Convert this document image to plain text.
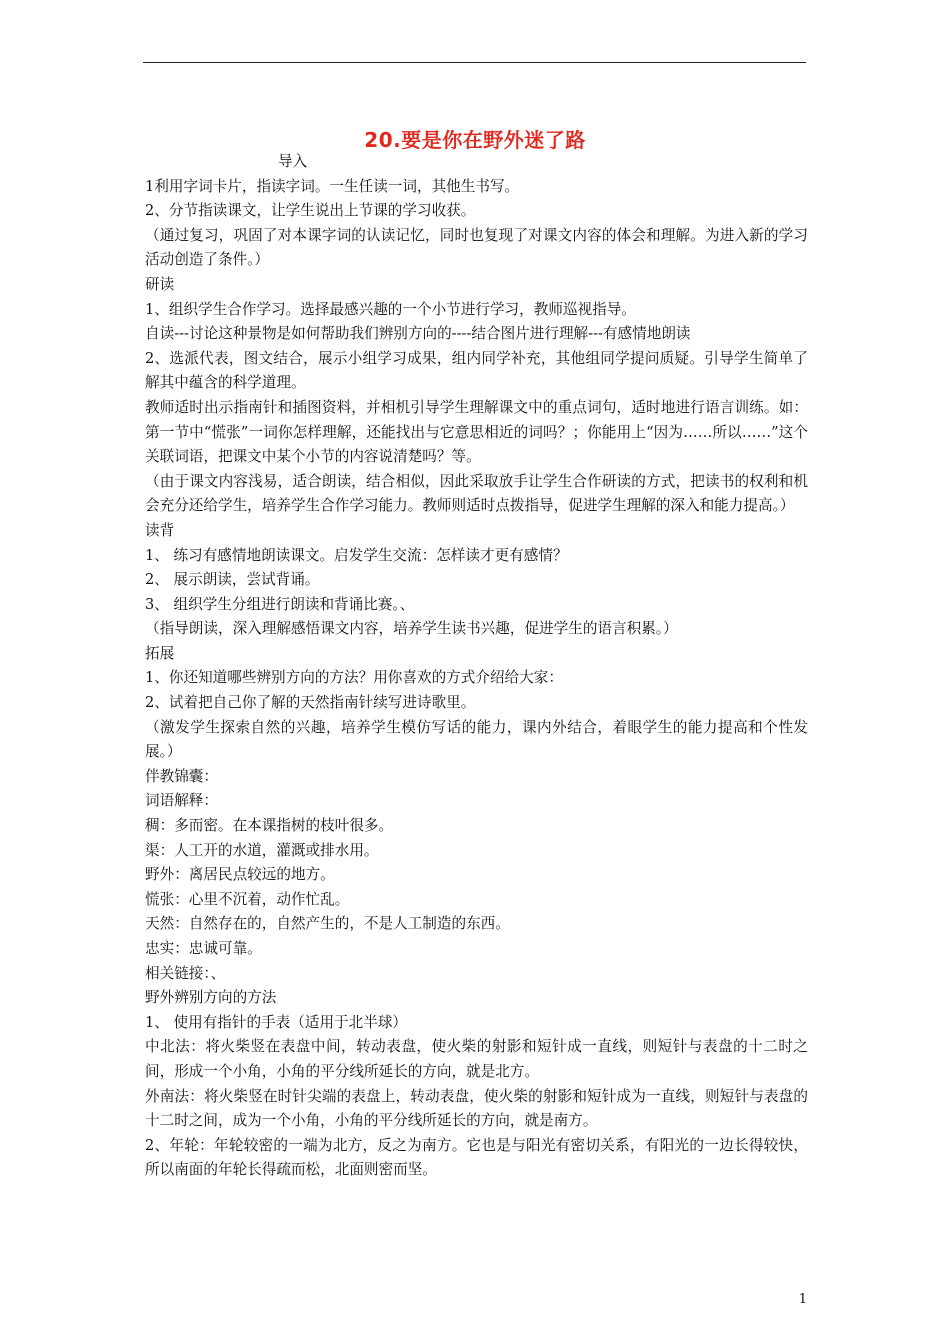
20.要是你在野外迷了路
导入
1利用字词卡片，指读字词。一生任读一词，其他生书写。
2、分节指读课文，让学生说出上节课的学习收获。
（通过复习，巩固了对本课字词的认读记忆，同时也复现了对课文内容的体会和理解。为进入新的学习活动创造了条件。）
研读
1、组织学生合作学习。选择最感兴趣的一个小节进行学习，教师巡视指导。
自读---讨论这种景物是如何帮助我们辨别方向的----结合图片进行理解---有感情地朗读
2、选派代表，图文结合，展示小组学习成果，组内同学补充，其他组同学提问质疑。引导学生简单了解其中蕴含的科学道理。
教师适时出示指南针和插图资料，并相机引导学生理解课文中的重点词句，适时地进行语言训练。如：第一节中“慌张”一词你怎样理解，还能找出与它意思相近的词吗？；你能用上“因为……所以……”这个关联词语，把课文中某个小节的内容说清楚吗？等。
（由于课文内容浅易，适合朗读，结合相似，因此采取放手让学生合作研读的方式，把读书的权利和机会充分还给学生，培养学生合作学习能力。教师则适时点拨指导，促进学生理解的深入和能力提高。）
读背
1、 练习有感情地朗读课文。启发学生交流：怎样读才更有感情？
2、 展示朗读，尝试背诵。
3、 组织学生分组进行朗读和背诵比赛。、
（指导朗读，深入理解感悟课文内容，培养学生读书兴趣，促进学生的语言积累。）
拓展
1、你还知道哪些辨别方向的方法？用你喜欢的方式介绍给大家：
2、试着把自己你了解的天然指南针续写进诗歌里。
（激发学生探索自然的兴趣，培养学生模仿写话的能力，课内外结合，着眼学生的能力提高和个性发展。）
伴教锦囊：
词语解释：
稠：多而密。在本课指树的枝叶很多。
渠：人工开的水道，灌溉或排水用。
野外：离居民点较远的地方。
慌张：心里不沉着，动作忙乱。
天然：自然存在的，自然产生的，不是人工制造的东西。
忠实：忠诚可靠。
相关链接：、
野外辨别方向的方法
1、 使用有指针的手表（适用于北半球）
中北法：将火柴竖在表盘中间，转动表盘，使火柴的射影和短针成一直线，则短针与表盘的十二时之间，形成一个小角，小角的平分线所延长的方向，就是北方。
外南法：将火柴竖在时针尖端的表盘上，转动表盘，使火柴的射影和短针成为一直线，则短针与表盘的十二时之间，成为一个小角，小角的平分线所延长的方向，就是南方。
2、年轮：年轮较密的一端为北方，反之为南方。它也是与阳光有密切关系，有阳光的一边长得较快，所以南面的年轮长得疏而松，北面则密而坚。
1
